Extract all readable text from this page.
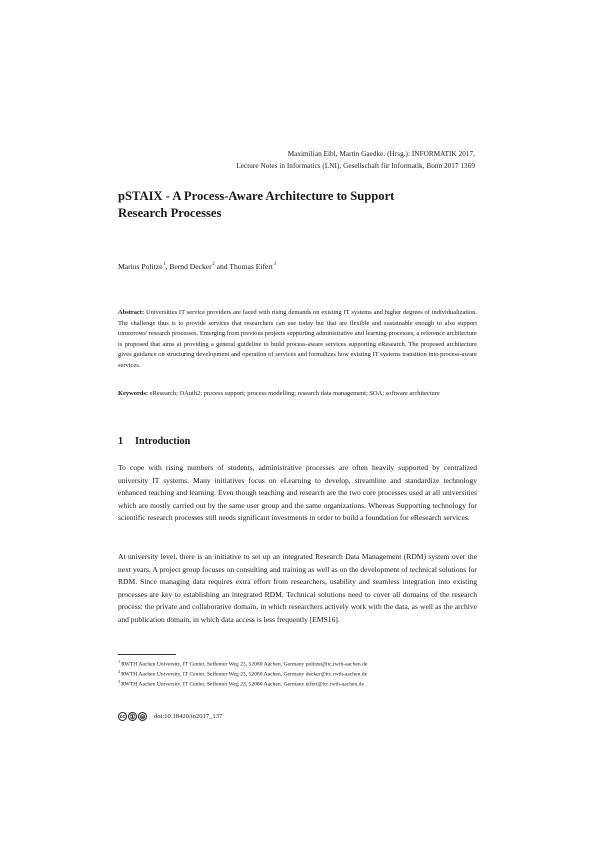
Maximilian Eibl, Martin Gaedke. (Hrsg.): INFORMATIK 2017,
Lecture Notes in Informatics (LNI), Gesellschaft für Informatik, Bonn 2017 1369
pSTAIX - A Process-Aware Architecture to Support
Research Processes
Marius Politze$^1$, Bernd Decker$^2$ and Thomas Eifert$^3$
Abstract: Universities IT service providers are faced with rising demands on existing IT systems and higher degrees of individualization. The challenge thus is to provide services that researchers can use today but that are flexible and sustainable enough to also support tomorrows' research processes. Emerging from previous projects supporting administrative and learning processes, a reference architecture is proposed that aims at providing a general guideline to build process-aware services supporting eResearch. The proposed architecture gives guidance on structuring development and operation of services and formalizes how existing IT systems transition into process-aware services.
Keywords: eResearch; OAuth2; process support; process modelling; research data management; SOA; software architecture
1 Introduction
To cope with rising numbers of students, administrative processes are often heavily supported by centralized university IT systems. Many initiatives focus on eLearning to develop, streamline and standardize technology enhanced teaching and learning. Even though teaching and research are the two core processes used at all universities which are mostly carried out by the same user group and the same organizations. Whereas Supporting technology for scientific research processes still needs significant investments in order to build a foundation for eResearch services.
At university level, there is an initiative to set up an integrated Research Data Management (RDM) system over the next years. A project group focuses on consulting and training as well as on the development of technical solutions for RDM. Since managing data requires extra effort from researchers, usability and seamless integration into existing processes are key to establishing an integrated RDM. Technical solutions need to cover all domains of the research process: the private and collaborative domain, in which researchers actively work with the data, as well as the archive and publication domain, in which data access is less frequently [EMS16].
$^1$RWTH Aachen University, IT Center, Seffenter Weg 23, 52080 Aachen, Germany politze@itc.rwth-aachen.de
$^2$RWTH Aachen University, IT Center, Seffenter Weg 23, 52080 Aachen, Germany decker@itc.rwth-aachen.de
$^3$RWTH Aachen University, IT Center, Seffenter Weg 23, 52080 Aachen, Germany eifert@itc.rwth-aachen.de
cc ① ⊜ doi:10.18420/in2017_137
